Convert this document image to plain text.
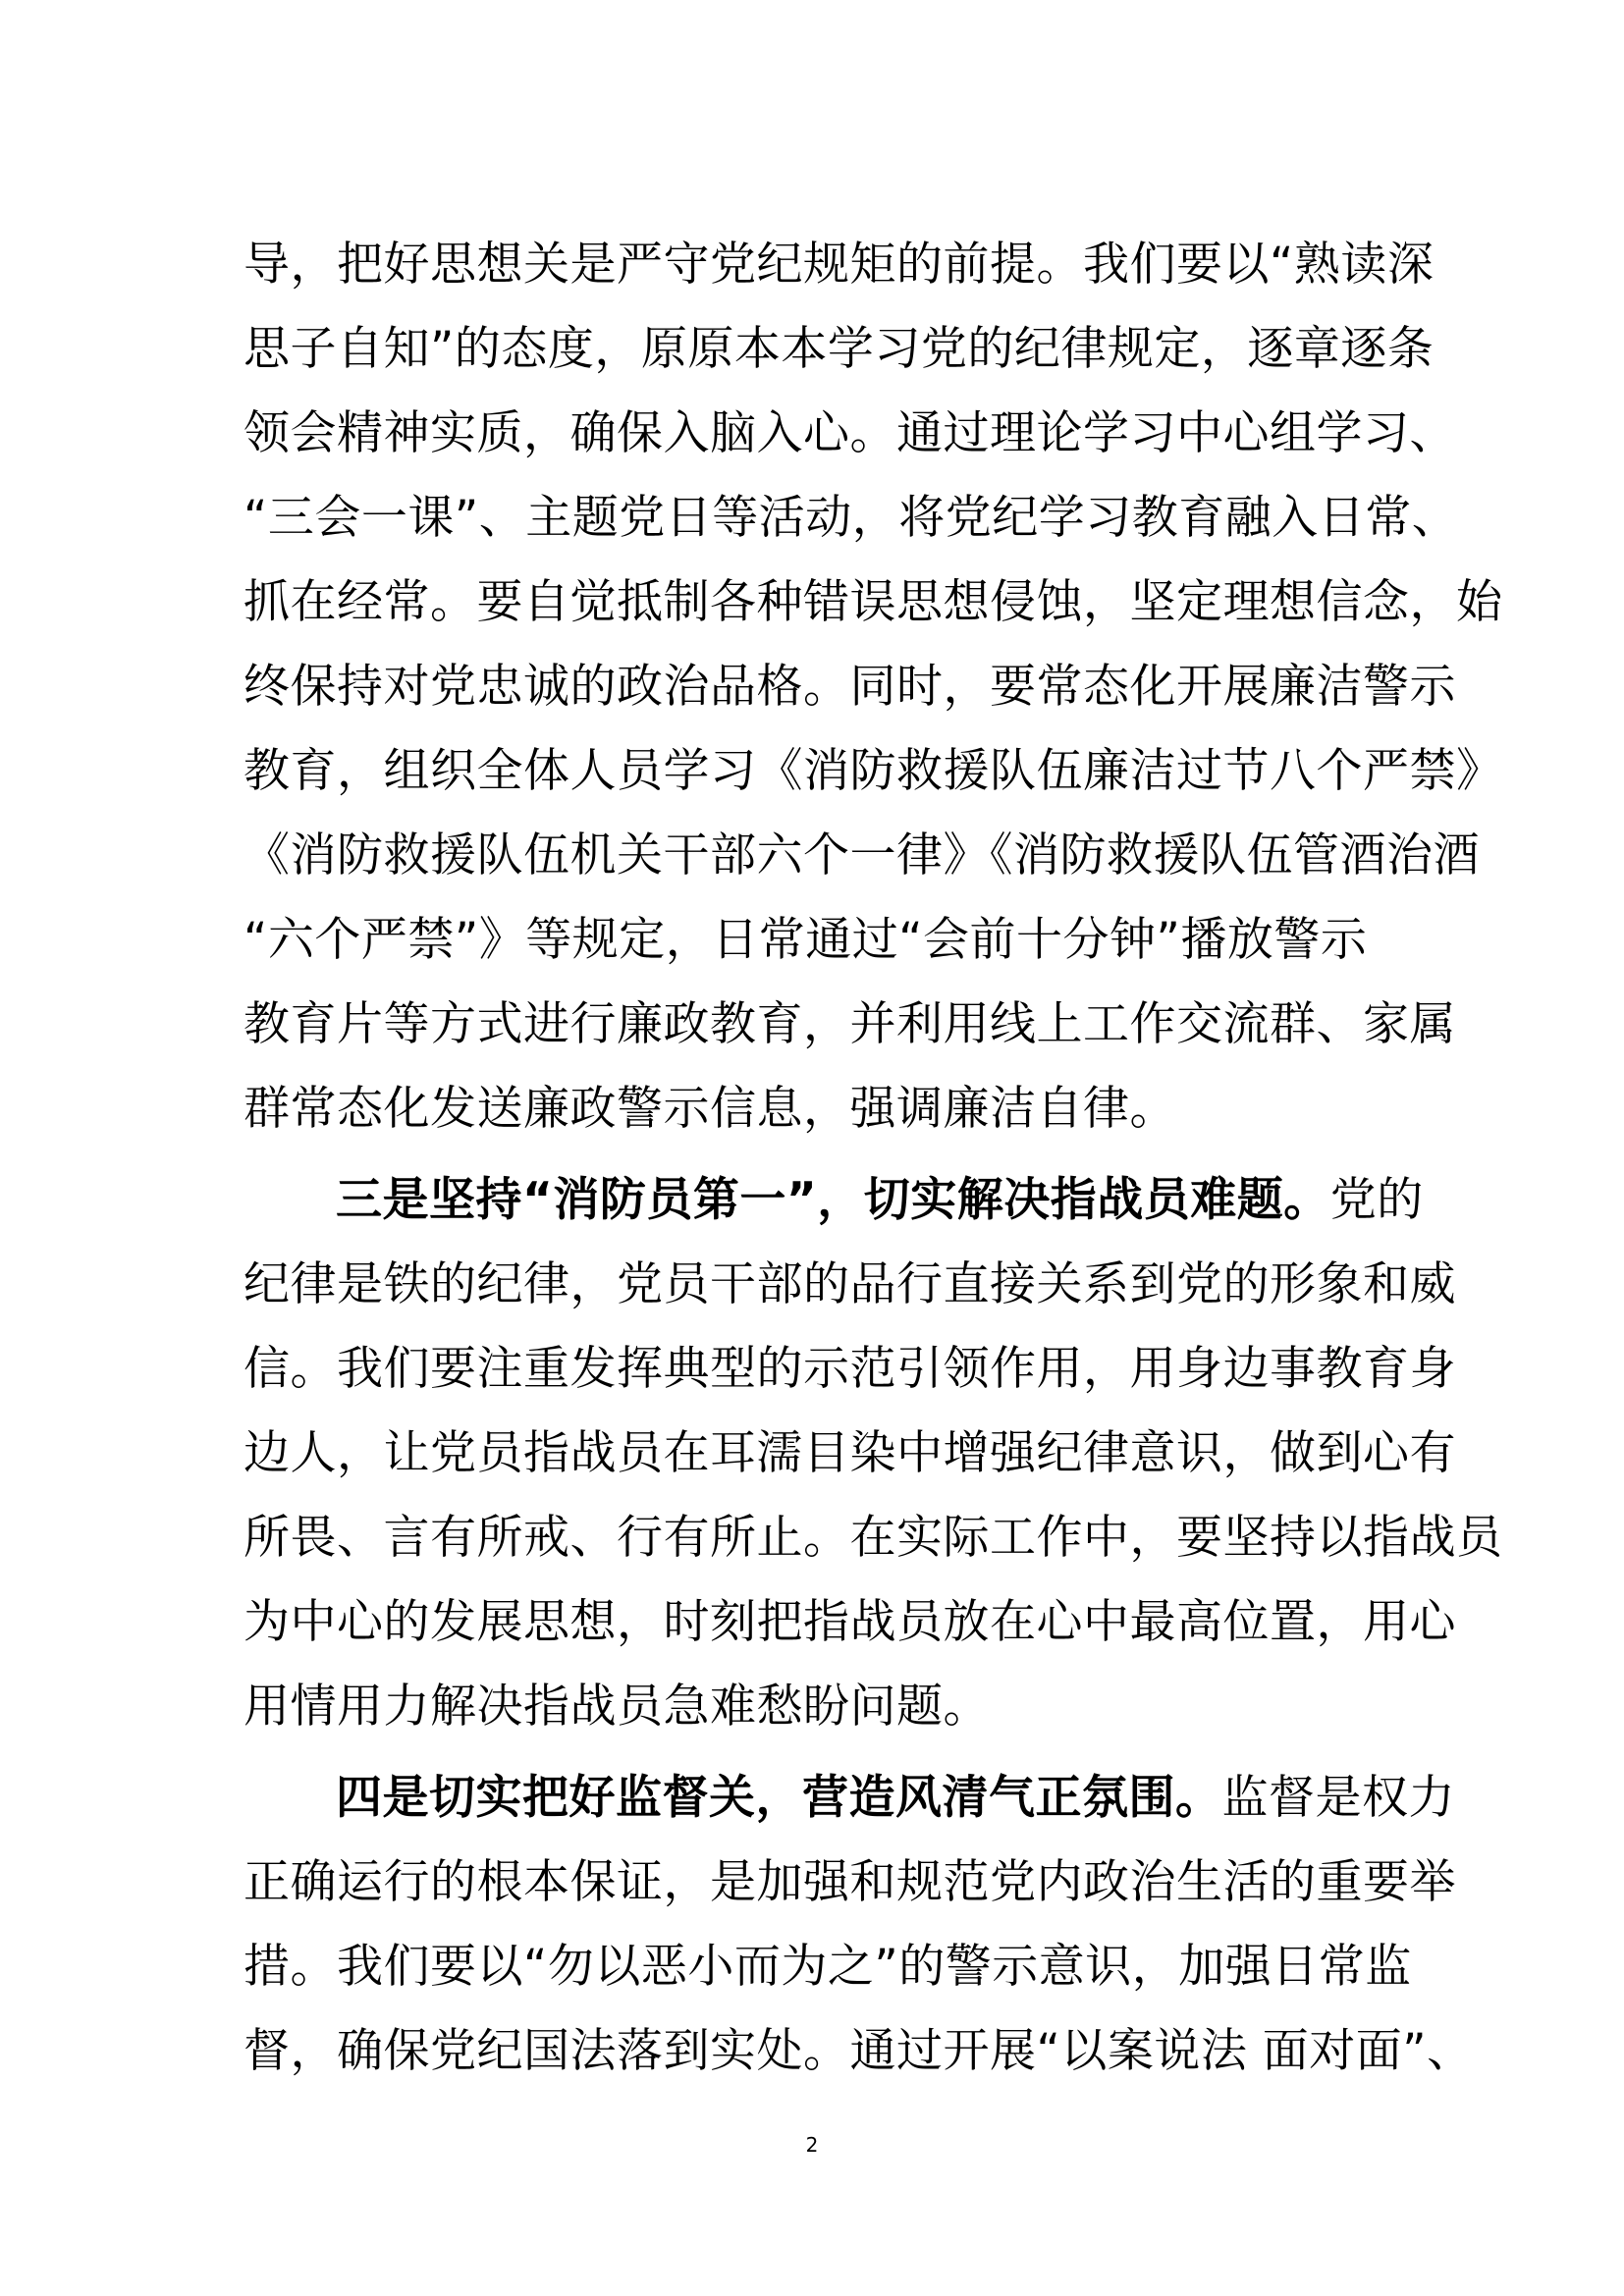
导，把好思想关是严守党纪规矩的前提。我们要以“熟读深
思子自知”的态度，原原本本学习党的纪律规定，逐章逐条
领会精神实质，确保入脑入心。通过理论学习中心组学习、
“三会一课”、主题党日等活动，将党纪学习教育融入日常、
抓在经常。要自觉抵制各种错误思想侵蚀，坚定理想信念，始
终保持对党忠诚的政治品格。同时，要常态化开展廉洁警示
教育，组织全体人员学习《消防救援队伍廉洁过节八个严禁》
《消防救援队伍机关干部六个一律》《消防救援队伍管酒治酒
“六个严禁”》等规定，日常通过“会前十分钟”播放警示
教育片等方式进行廉政教育，并利用线上工作交流群、家属
群常态化发送廉政警示信息，强调廉洁自律。
三是坚持“消防员第一”，切实解决指战员难题。党的
纪律是铁的纪律，党员干部的品行直接关系到党的形象和威
信。我们要注重发挥典型的示范引领作用，用身边事教育身
边人，让党员指战员在耳濡目染中增强纪律意识，做到心有
所畏、言有所戒、行有所止。在实际工作中，要坚持以指战员
为中心的发展思想，时刻把指战员放在心中最高位置，用心
用情用力解决指战员急难愁盼问题。
四是切实把好监督关，营造风清气正氛围。监督是权力
正确运行的根本保证，是加强和规范党内政治生活的重要举
措。我们要以“勿以恶小而为之”的警示意识，加强日常监
督，确保党纪国法落到实处。通过开展“以案说法 面对面”、
2
